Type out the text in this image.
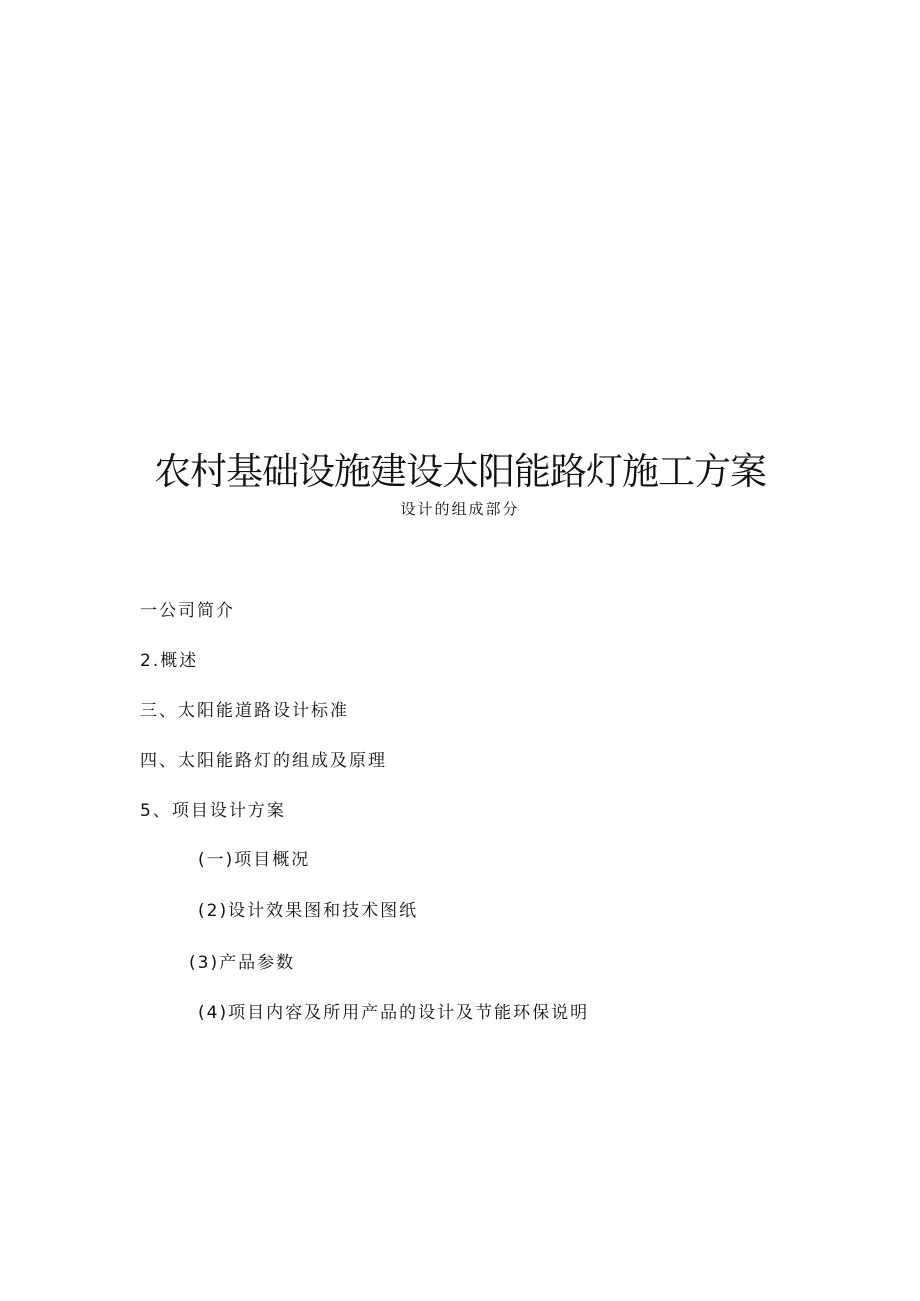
农村基础设施建设太阳能路灯施工方案
设计的组成部分
一公司简介
2.概述
三、太阳能道路设计标准
四、太阳能路灯的组成及原理
5、项目设计方案
(一)项目概况
(2)设计效果图和技术图纸
(3)产品参数
(4)项目内容及所用产品的设计及节能环保说明
